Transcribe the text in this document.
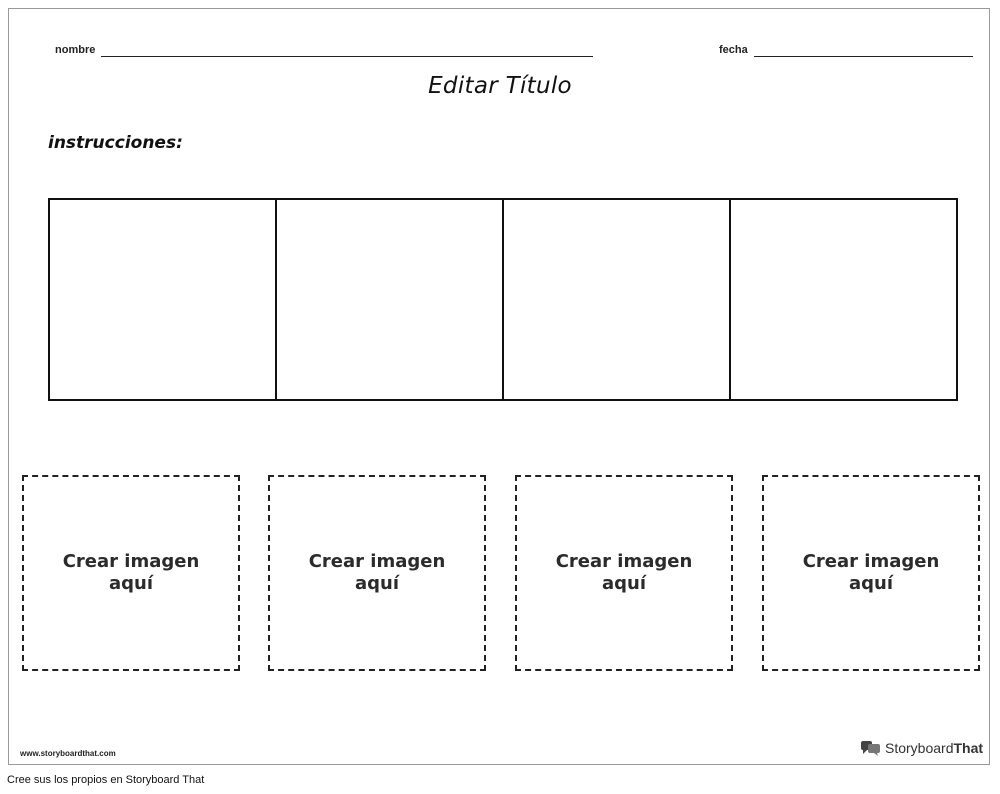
nombre	fecha
Editar Título
instrucciones:
Crear imagen aquí
Crear imagen aquí
Crear imagen aquí
Crear imagen aquí
www.storyboardthat.com	StoryboardThat
Cree sus los propios en Storyboard That
